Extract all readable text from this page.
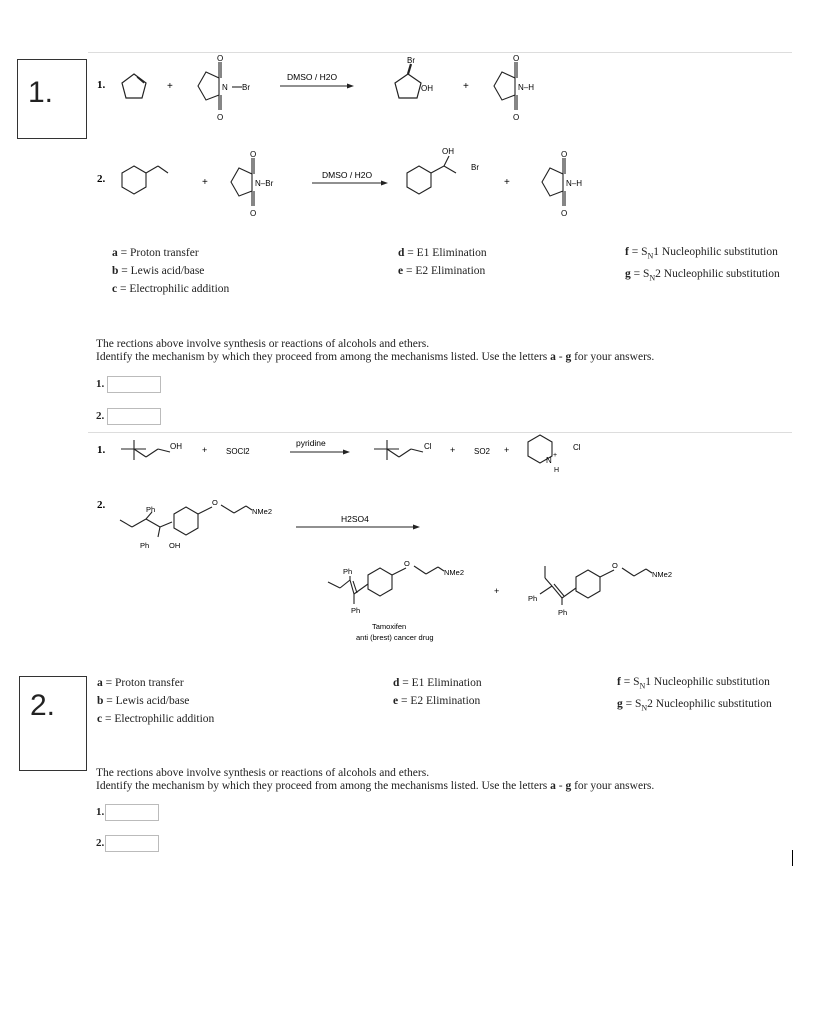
1.	1.	+
O
O
N Br
DMSO / H2O
Br
OH	+
O
O
N–H
2.	+
O
O
N–Br
DMSO / H2O
OH
Br
+
O
O
N–H
a = Proton transfer
b = Lewis acid/base
c = Electrophilic addition
d = E1 Elimination
e = E2 Elimination
$f = S_N1$ Nucleophilic substitution
$g = S_N2$ Nucleophilic substitution
The rections above involve synthesis or reactions of alcohols and ethers.
Identify the mechanism by which they proceed from among the mechanisms listed. Use the letters a - g for your answers.
1.
2.
1.	OH + SOCl2
pyridine	Cl + SO2 +
N
+
H
Cl
2.	Ph
Ph	OH
O
NMe2
H2SO4
Ph
Ph
O
NMe2
Tamoxifen
anti (brest) cancer drug
+
Ph
Ph
O
NMe2
2.
a = Proton transfer
b = Lewis acid/base
c = Electrophilic addition
d = E1 Elimination
e = E2 Elimination
$f = S_N1$ Nucleophilic substitution
$g = S_N2$ Nucleophilic substitution
The rections above involve synthesis or reactions of alcohols and ethers.
Identify the mechanism by which they proceed from among the mechanisms listed. Use the letters a - g for your answers.
1.
2.
